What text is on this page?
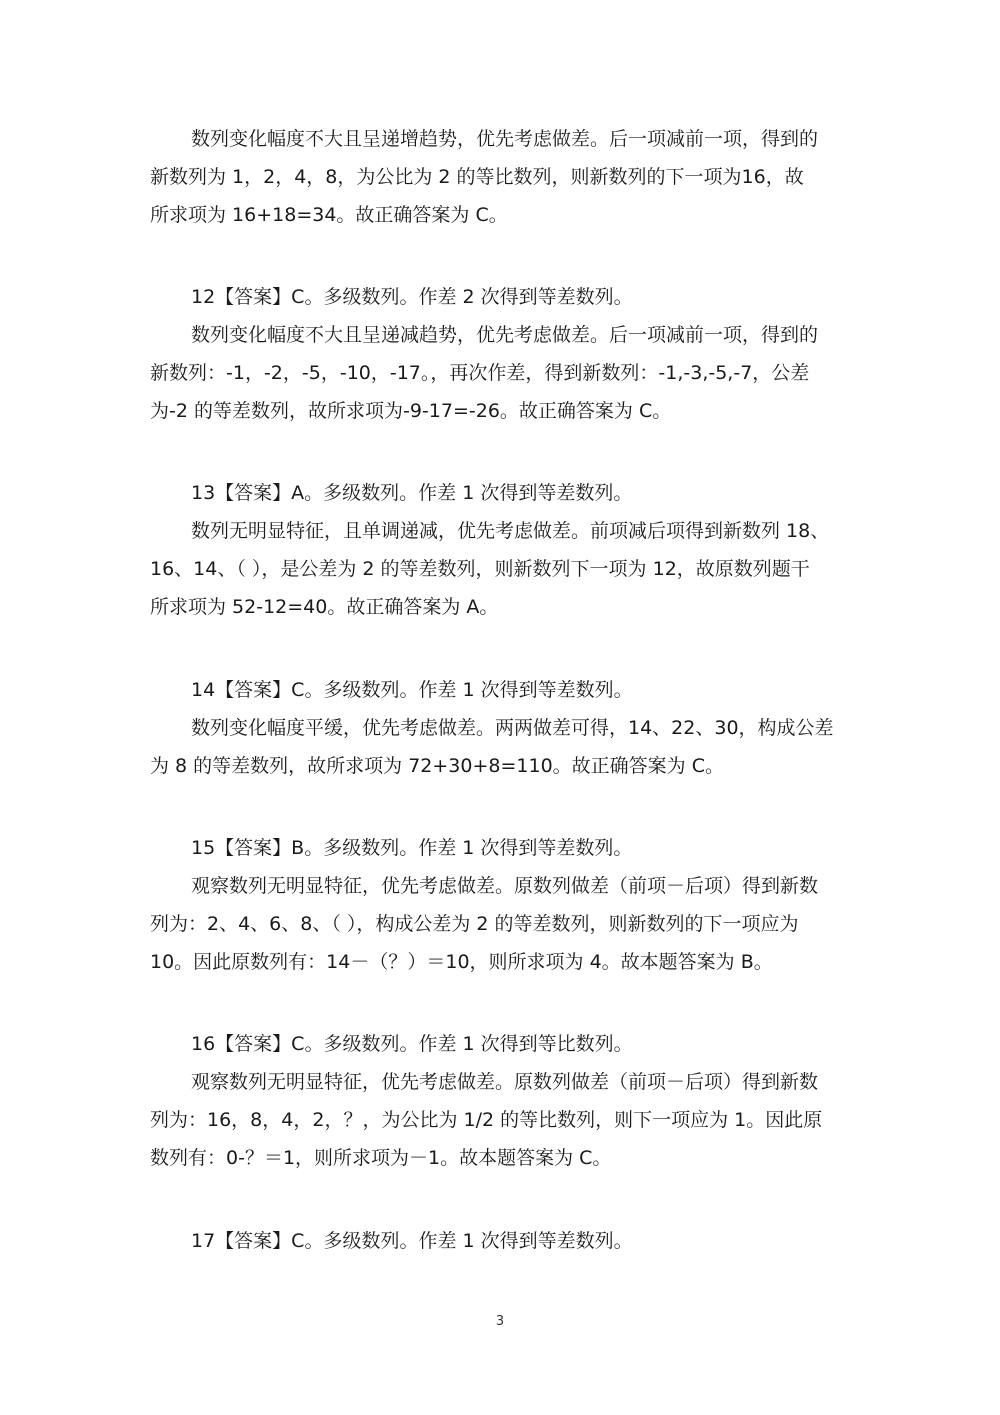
数列变化幅度不大且呈递增趋势，优先考虑做差。后一项减前一项，得到的
新数列为 1，2，4，8，为公比为 2 的等比数列，则新数列的下一项为16，故
所求项为 16+18=34。故正确答案为 C。
12【答案】C。多级数列。作差 2 次得到等差数列。
数列变化幅度不大且呈递减趋势，优先考虑做差。后一项减前一项，得到的
新数列：-1，-2，-5，-10，-17。，再次作差，得到新数列：-1,-3,-5,-7，公差
为-2 的等差数列，故所求项为-9-17=-26。故正确答案为 C。
13【答案】A。多级数列。作差 1 次得到等差数列。
数列无明显特征，且单调递减，优先考虑做差。前项减后项得到新数列 18、
16、14、（ ），是公差为 2 的等差数列，则新数列下一项为 12，故原数列题干
所求项为 52-12=40。故正确答案为 A。
14【答案】C。多级数列。作差 1 次得到等差数列。
数列变化幅度平缓，优先考虑做差。两两做差可得，14、22、30，构成公差
为 8 的等差数列，故所求项为 72+30+8=110。故正确答案为 C。
15【答案】B。多级数列。作差 1 次得到等差数列。
观察数列无明显特征，优先考虑做差。原数列做差（前项－后项）得到新数
列为：2、4、6、8、（ ），构成公差为 2 的等差数列，则新数列的下一项应为
10。因此原数列有：14－（？）＝10，则所求项为 4。故本题答案为 B。
16【答案】C。多级数列。作差 1 次得到等比数列。
观察数列无明显特征，优先考虑做差。原数列做差（前项－后项）得到新数
列为：16，8，4，2，？，为公比为 1/2 的等比数列，则下一项应为 1。因此原
数列有：0-？＝1，则所求项为－1。故本题答案为 C。
17【答案】C。多级数列。作差 1 次得到等差数列。
3
